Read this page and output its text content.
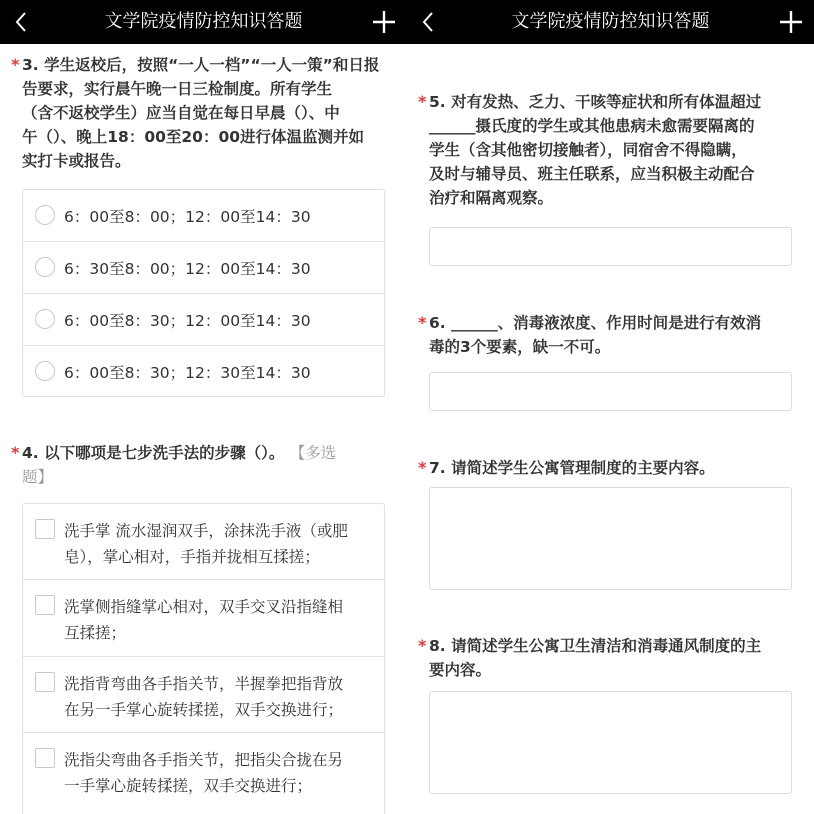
文学院疫情防控知识答题
* 3. 学生返校后，按照“一人一档”“一人一策”和日报
告要求，实行晨午晚一日三检制度。所有学生
（含不返校学生）应当自觉在每日早晨（）、中
午（）、晚上18：00至20：00进行体温监测并如
实打卡或报告。
6：00至8：00；12：00至14：30
6：30至8：00；12：00至14：30
6：00至8：30；12：00至14：30
6：00至8：30；12：30至14：30
* 4. 以下哪项是七步洗手法的步骤（）。 【多选
题】
洗手掌 流水湿润双手，涂抹洗手液（或肥
皂），掌心相对，手指并拢相互揉搓；
洗掌侧指缝掌心相对，双手交叉沿指缝相
互揉搓；
洗指背弯曲各手指关节，半握拳把指背放
在另一手掌心旋转揉搓，双手交换进行；
洗指尖弯曲各手指关节，把指尖合拢在另
一手掌心旋转揉搓，双手交换进行；
文学院疫情防控知识答题
* 5. 对有发热、乏力、干咳等症状和所有体温超过
______摄氏度的学生或其他患病未愈需要隔离的
学生（含其他密切接触者），同宿舍不得隐瞒，
及时与辅导员、班主任联系，应当积极主动配合
治疗和隔离观察。
* 6. ______、消毒液浓度、作用时间是进行有效消
毒的3个要素，缺一不可。
* 7. 请简述学生公寓管理制度的主要内容。
* 8. 请简述学生公寓卫生清洁和消毒通风制度的主
要内容。
